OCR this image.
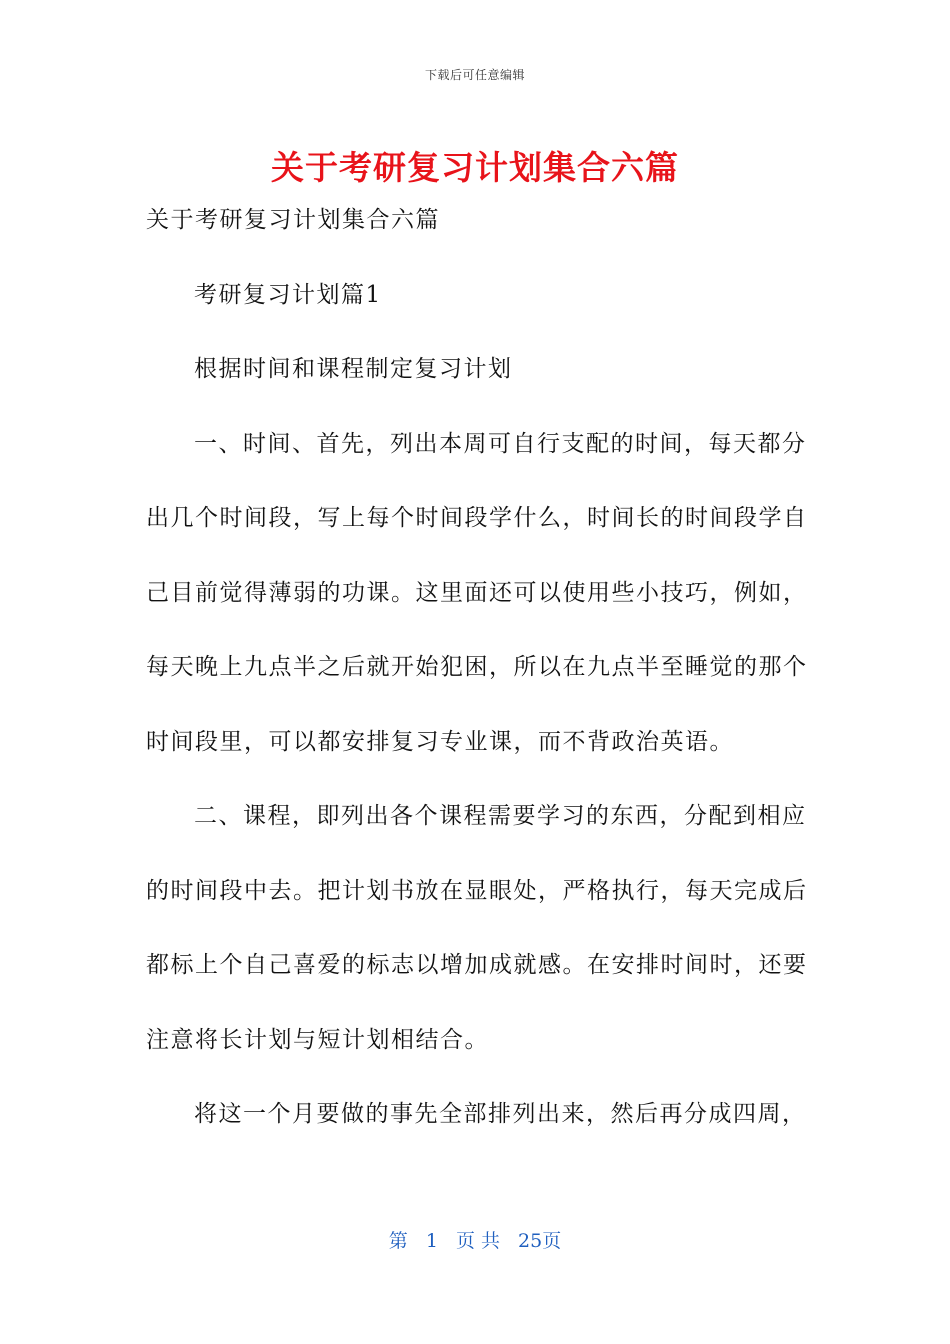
下载后可任意编辑
关于考研复习计划集合六篇
关于考研复习计划集合六篇
考研复习计划篇1
根据时间和课程制定复习计划
一、时间、首先，列出本周可自行支配的时间，每天都分
出几个时间段，写上每个时间段学什么，时间长的时间段学自
己目前觉得薄弱的功课。这里面还可以使用些小技巧，例如，
每天晚上九点半之后就开始犯困，所以在九点半至睡觉的那个
时间段里，可以都安排复习专业课，而不背政治英语。
二、课程，即列出各个课程需要学习的东西，分配到相应
的时间段中去。把计划书放在显眼处，严格执行，每天完成后
都标上个自己喜爱的标志以增加成就感。在安排时间时，还要
注意将长计划与短计划相结合。
将这一个月要做的事先全部排列出来，然后再分成四周，
第 1 页 共 25页
